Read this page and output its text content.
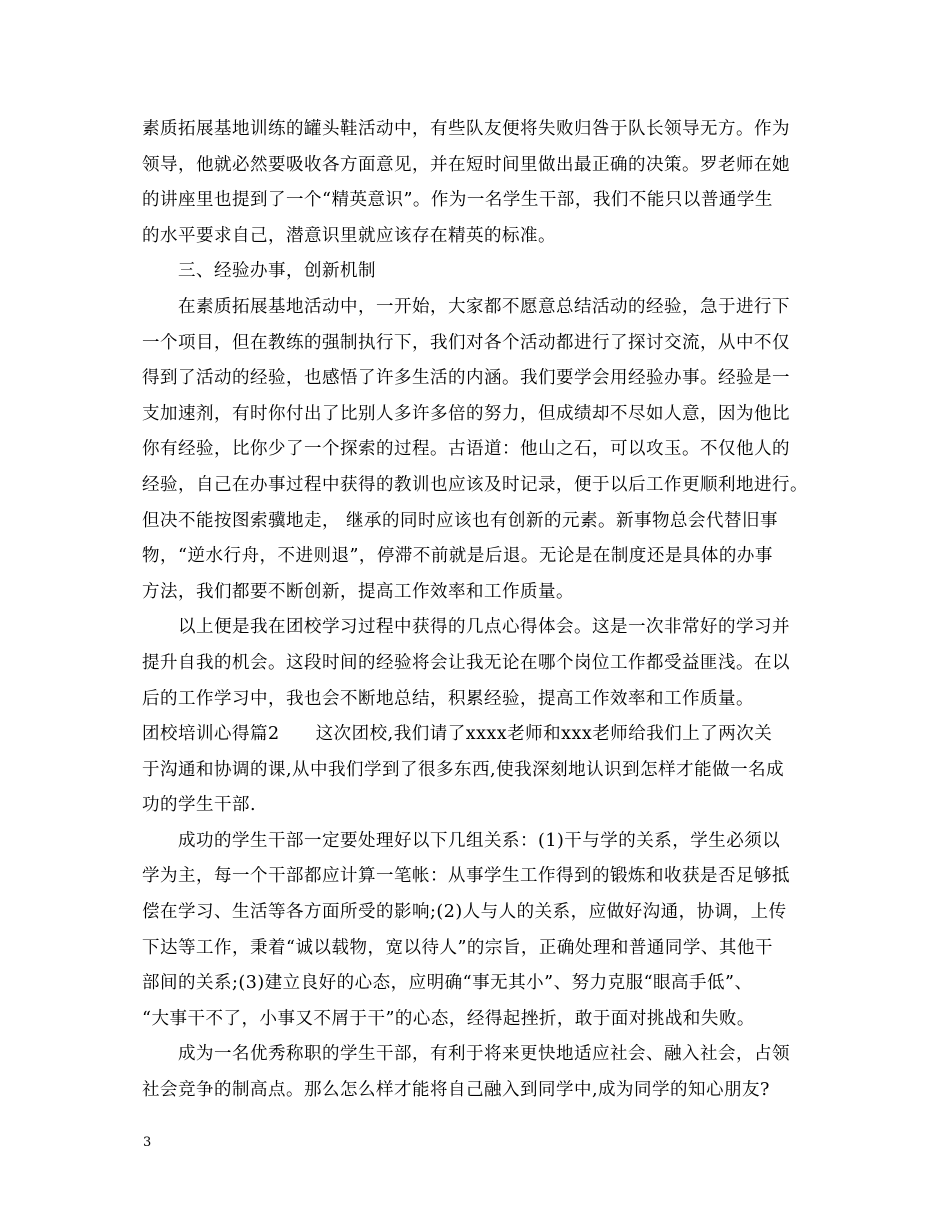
素质拓展基地训练的罐头鞋活动中，有些队友便将失败归咎于队长领导无方。作为
领导，他就必然要吸收各方面意见，并在短时间里做出最正确的决策。罗老师在她
的讲座里也提到了一个“精英意识”。作为一名学生干部，我们不能只以普通学生
的水平要求自己，潜意识里就应该存在精英的标准。
三、经验办事，创新机制
在素质拓展基地活动中，一开始，大家都不愿意总结活动的经验，急于进行下
一个项目，但在教练的强制执行下，我们对各个活动都进行了探讨交流，从中不仅
得到了活动的经验，也感悟了许多生活的内涵。我们要学会用经验办事。经验是一
支加速剂，有时你付出了比别人多许多倍的努力，但成绩却不尽如人意，因为他比
你有经验，比你少了一个探索的过程。古语道：他山之石，可以攻玉。不仅他人的
经验，自己在办事过程中获得的教训也应该及时记录，便于以后工作更顺利地进行。
但决不能按图索骥地走， 继承的同时应该也有创新的元素。新事物总会代替旧事
物，“逆水行舟，不进则退”，停滞不前就是后退。无论是在制度还是具体的办事
方法，我们都要不断创新，提高工作效率和工作质量。
以上便是我在团校学习过程中获得的几点心得体会。这是一次非常好的学习并
提升自我的机会。这段时间的经验将会让我无论在哪个岗位工作都受益匪浅。在以
后的工作学习中，我也会不断地总结，积累经验，提高工作效率和工作质量。
团校培训心得篇2　　这次团校,我们请了xxxx老师和xxx老师给我们上了两次关
于沟通和协调的课,从中我们学到了很多东西,使我深刻地认识到怎样才能做一名成
功的学生干部.
成功的学生干部一定要处理好以下几组关系：(1)干与学的关系，学生必须以
学为主，每一个干部都应计算一笔帐：从事学生工作得到的锻炼和收获是否足够抵
偿在学习、生活等各方面所受的影响;(2)人与人的关系，应做好沟通，协调，上传
下达等工作，秉着“诚以载物，宽以待人”的宗旨，正确处理和普通同学、其他干
部间的关系;(3)建立良好的心态，应明确“事无其小”、努力克服“眼高手低”、
“大事干不了，小事又不屑于干”的心态，经得起挫折，敢于面对挑战和失败。
成为一名优秀称职的学生干部，有利于将来更快地适应社会、融入社会，占领
社会竞争的制高点。那么怎么样才能将自己融入到同学中,成为同学的知心朋友?
3
